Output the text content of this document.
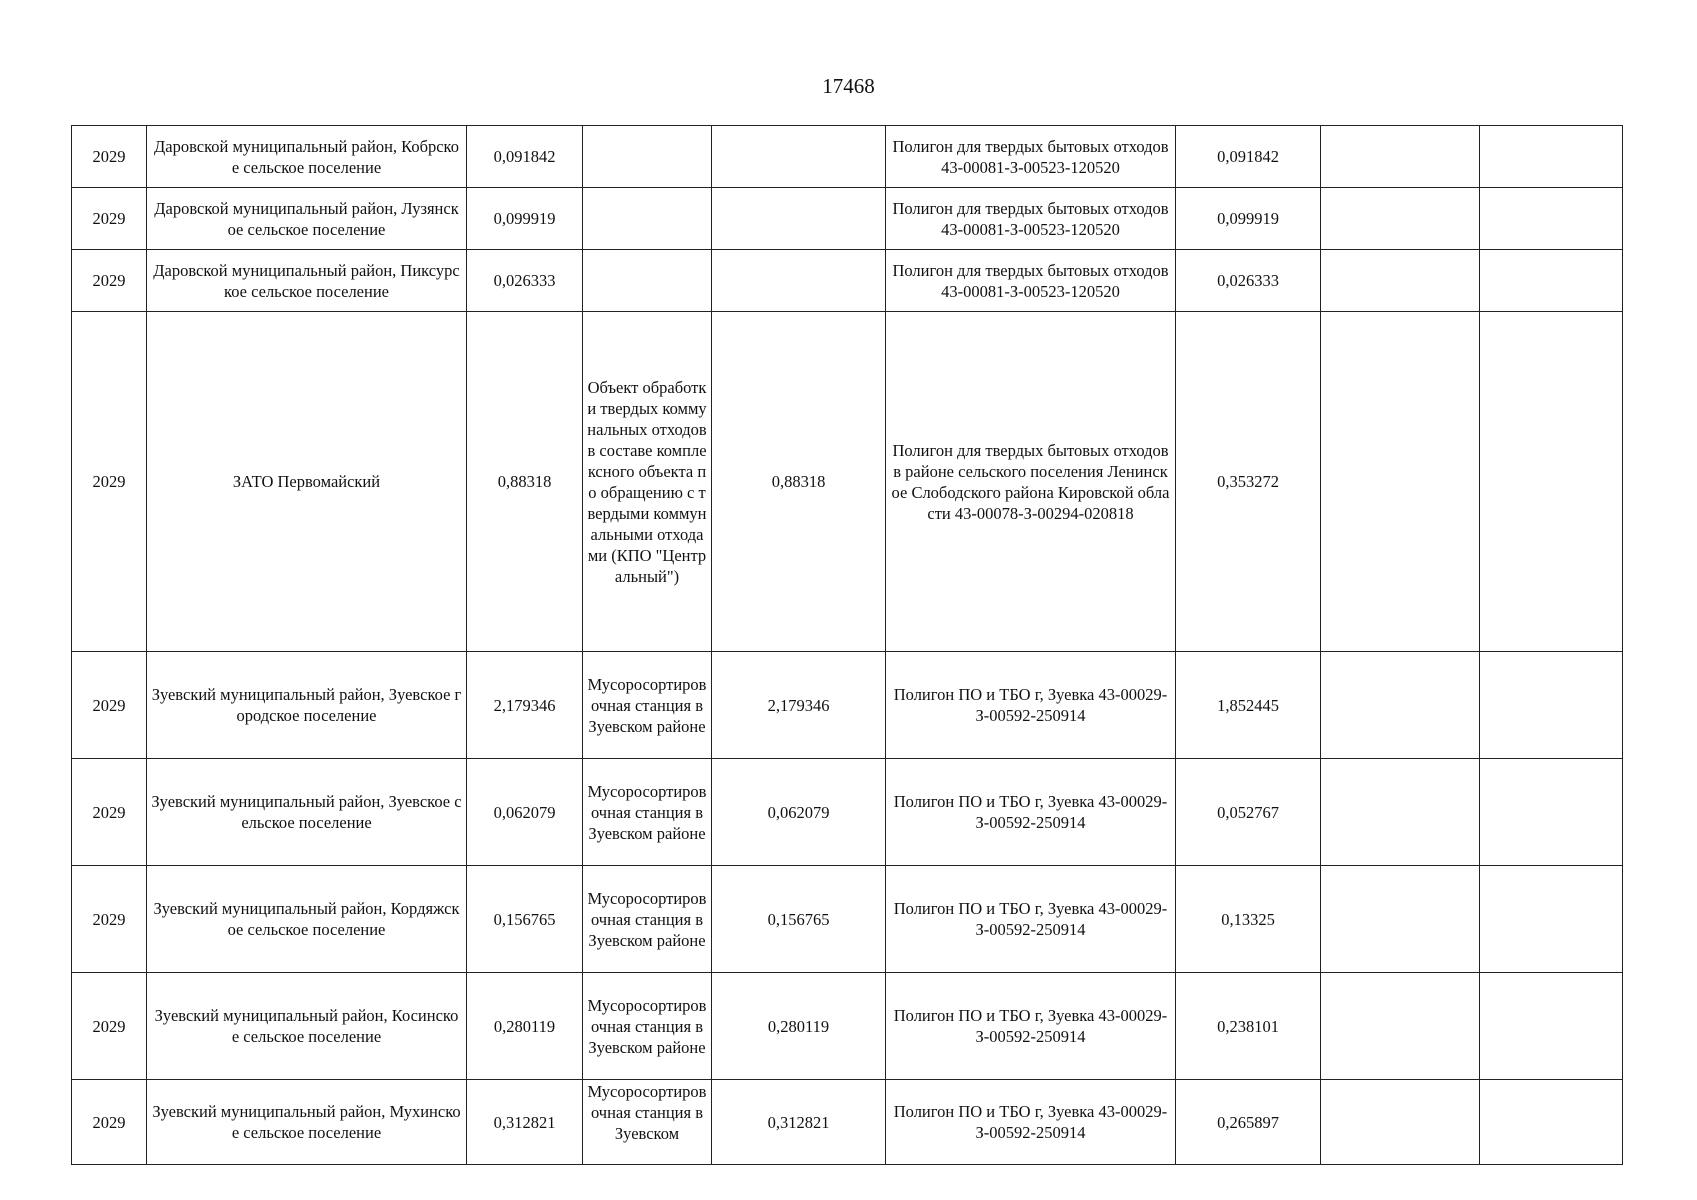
17468
2029	Даровской муниципальный район, Кобрское сельское поселение	0,091842			Полигон для твердых бытовых отходов 43-00081-З-00523-120520	0,091842		
2029	Даровской муниципальный район, Лузянское сельское поселение	0,099919			Полигон для твердых бытовых отходов 43-00081-З-00523-120520	0,099919		
2029	Даровской муниципальный район, Пиксурское сельское поселение	0,026333			Полигон для твердых бытовых отходов 43-00081-З-00523-120520	0,026333		
2029	ЗАТО Первомайский	0,88318	Объект обработки твердых коммунальных отходов в составе комплексного объекта по обращению с твердыми коммунальными отходами (КПО "Центральный")	0,88318	Полигон для твердых бытовых отходов в районе сельского поселения Ленинское Слободского района Кировской области 43-00078-З-00294-020818	0,353272		
2029	Зуевский муниципальный район, Зуевское городское поселение	2,179346	Мусоросортировочная станция в Зуевском районе	2,179346	Полигон ПО и ТБО г, Зуевка 43-00029-З-00592-250914	1,852445		
2029	Зуевский муниципальный район, Зуевское сельское поселение	0,062079	Мусоросортировочная станция в Зуевском районе	0,062079	Полигон ПО и ТБО г, Зуевка 43-00029-З-00592-250914	0,052767		
2029	Зуевский муниципальный район, Кордяжское сельское поселение	0,156765	Мусоросортировочная станция в Зуевском районе	0,156765	Полигон ПО и ТБО г, Зуевка 43-00029-З-00592-250914	0,13325		
2029	Зуевский муниципальный район, Косинское сельское поселение	0,280119	Мусоросортировочная станция в Зуевском районе	0,280119	Полигон ПО и ТБО г, Зуевка 43-00029-З-00592-250914	0,238101		
2029	Зуевский муниципальный район, Мухинское сельское поселение	0,312821	Мусоросортировочная станция в Зуевском	0,312821	Полигон ПО и ТБО г, Зуевка 43-00029-З-00592-250914	0,265897		
